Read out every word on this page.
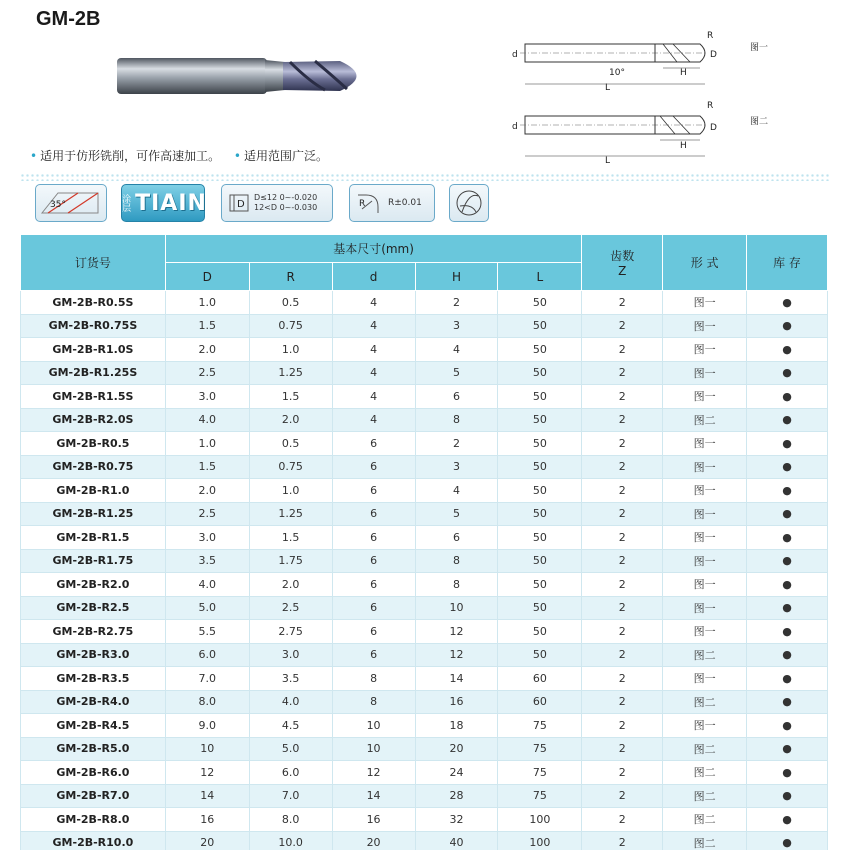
GM-2B
• 适用于仿形铣削，可作高速加工。 • 适用范围广泛。
d
R
D
H
L
10°
图一
d
R
D
H
L
图二
35°	涂层 TIAIN	D
D≤12 0~-0.020
12<D 0~-0.030	R	R±0.01
订货号	基本尺寸(mm)					齿数
Z	形 式	库 存
	D	R	d	H	L			
GM-2B-R0.5S	1.0	0.5	4	2	50	2	图一	●
GM-2B-R0.75S	1.5	0.75	4	3	50	2	图一	●
GM-2B-R1.0S	2.0	1.0	4	4	50	2	图一	●
GM-2B-R1.25S	2.5	1.25	4	5	50	2	图一	●
GM-2B-R1.5S	3.0	1.5	4	6	50	2	图一	●
GM-2B-R2.0S	4.0	2.0	4	8	50	2	图二	●
GM-2B-R0.5	1.0	0.5	6	2	50	2	图一	●
GM-2B-R0.75	1.5	0.75	6	3	50	2	图一	●
GM-2B-R1.0	2.0	1.0	6	4	50	2	图一	●
GM-2B-R1.25	2.5	1.25	6	5	50	2	图一	●
GM-2B-R1.5	3.0	1.5	6	6	50	2	图一	●
GM-2B-R1.75	3.5	1.75	6	8	50	2	图一	●
GM-2B-R2.0	4.0	2.0	6	8	50	2	图一	●
GM-2B-R2.5	5.0	2.5	6	10	50	2	图一	●
GM-2B-R2.75	5.5	2.75	6	12	50	2	图一	●
GM-2B-R3.0	6.0	3.0	6	12	50	2	图二	●
GM-2B-R3.5	7.0	3.5	8	14	60	2	图一	●
GM-2B-R4.0	8.0	4.0	8	16	60	2	图二	●
GM-2B-R4.5	9.0	4.5	10	18	75	2	图一	●
GM-2B-R5.0	10	5.0	10	20	75	2	图二	●
GM-2B-R6.0	12	6.0	12	24	75	2	图二	●
GM-2B-R7.0	14	7.0	14	28	75	2	图二	●
GM-2B-R8.0	16	8.0	16	32	100	2	图二	●
GM-2B-R10.0	20	10.0	20	40	100	2	图二	●
